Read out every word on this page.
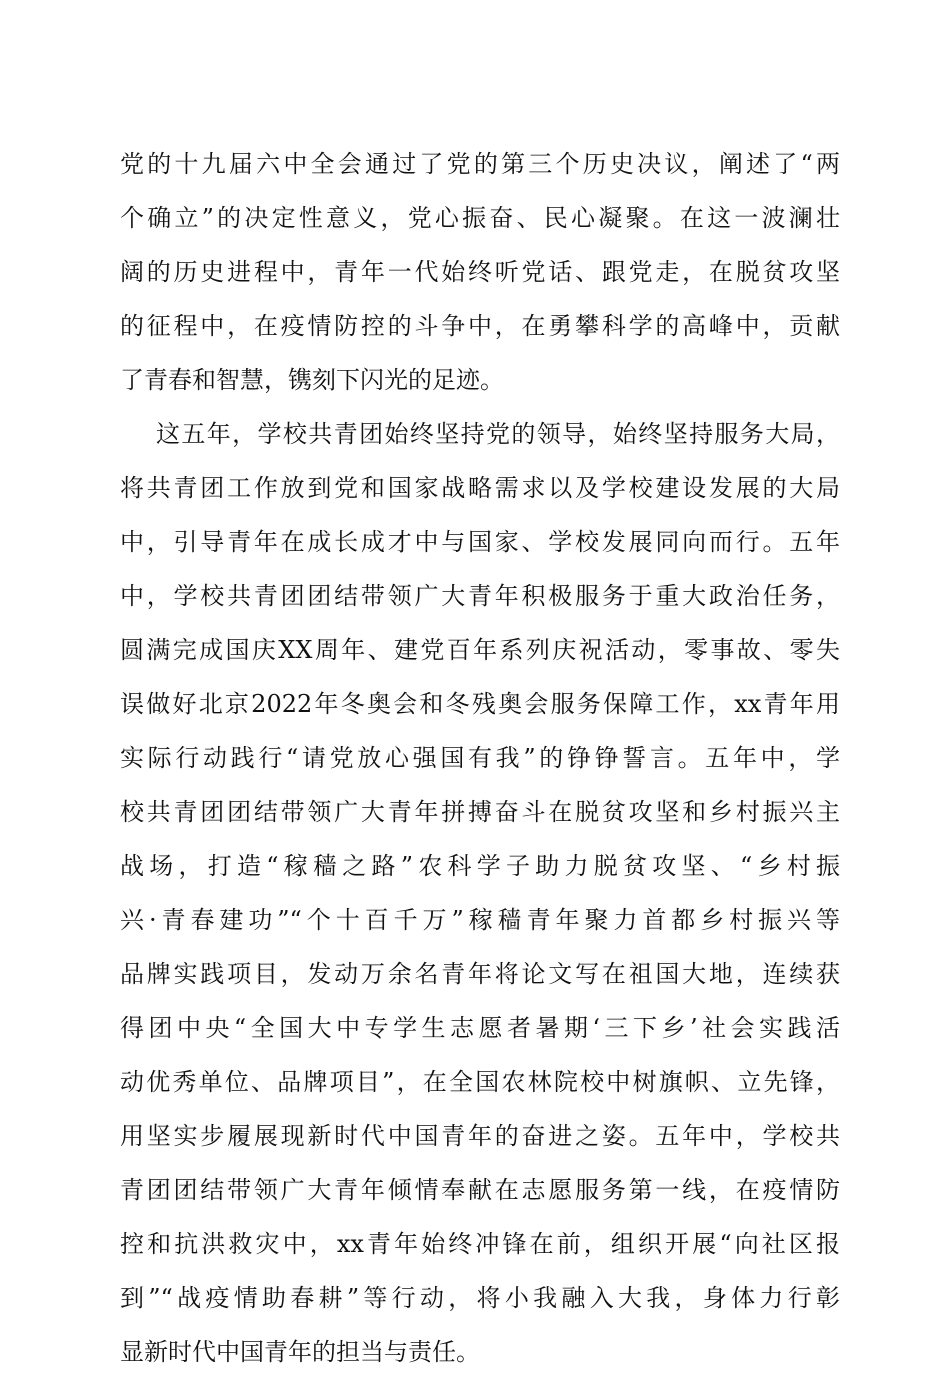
党的十九届六中全会通过了党的第三个历史决议，阐述了“两
个确立”的决定性意义，党心振奋、民心凝聚。在这一波澜壮
阔的历史进程中，青年一代始终听党话、跟党走，在脱贫攻坚
的征程中，在疫情防控的斗争中，在勇攀科学的高峰中，贡献
了青春和智慧，镌刻下闪光的足迹。
这五年，学校共青团始终坚持党的领导，始终坚持服务大局，
将共青团工作放到党和国家战略需求以及学校建设发展的大局
中，引导青年在成长成才中与国家、学校发展同向而行。五年
中，学校共青团团结带领广大青年积极服务于重大政治任务，
圆满完成国庆XX周年、建党百年系列庆祝活动，零事故、零失
误做好北京2022年冬奥会和冬残奥会服务保障工作，xx青年用
实际行动践行“请党放心强国有我”的铮铮誓言。五年中，学
校共青团团结带领广大青年拼搏奋斗在脱贫攻坚和乡村振兴主
战场，打造“稼穑之路”农科学子助力脱贫攻坚、“乡村振
兴·青春建功”“个十百千万”稼穑青年聚力首都乡村振兴等
品牌实践项目，发动万余名青年将论文写在祖国大地，连续获
得团中央“全国大中专学生志愿者暑期‘三下乡’社会实践活
动优秀单位、品牌项目”，在全国农林院校中树旗帜、立先锋，
用坚实步履展现新时代中国青年的奋进之姿。五年中，学校共
青团团结带领广大青年倾情奉献在志愿服务第一线，在疫情防
控和抗洪救灾中，xx青年始终冲锋在前，组织开展“向社区报
到”“战疫情助春耕”等行动，将小我融入大我，身体力行彰
显新时代中国青年的担当与责任。
